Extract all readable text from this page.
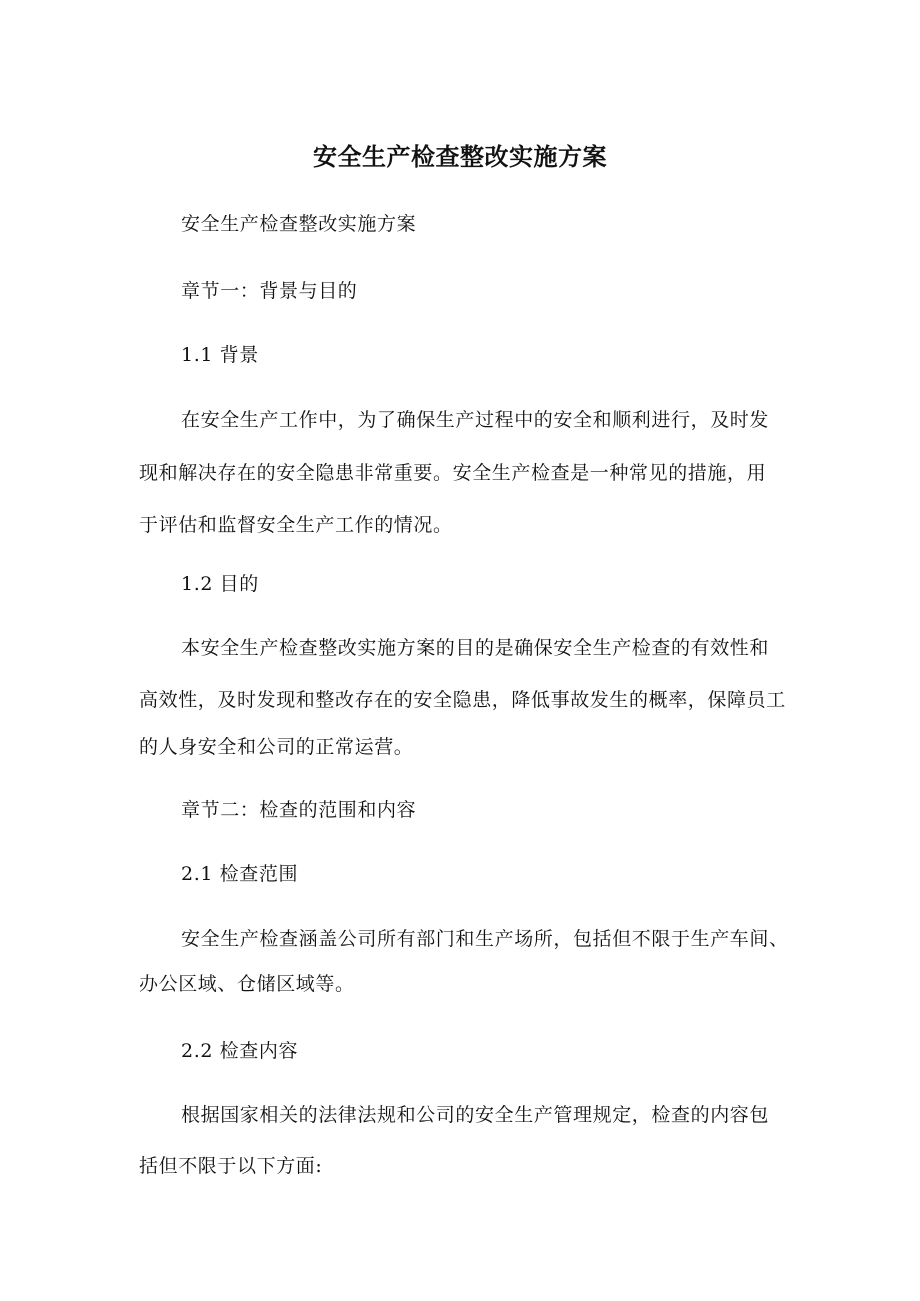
安全生产检查整改实施方案
安全生产检查整改实施方案
章节一：背景与目的
1.1 背景
在安全生产工作中，为了确保生产过程中的安全和顺利进行，及时发
现和解决存在的安全隐患非常重要。安全生产检查是一种常见的措施，用
于评估和监督安全生产工作的情况。
1.2 目的
本安全生产检查整改实施方案的目的是确保安全生产检查的有效性和
高效性，及时发现和整改存在的安全隐患，降低事故发生的概率，保障员工
的人身安全和公司的正常运营。
章节二：检查的范围和内容
2.1 检查范围
安全生产检查涵盖公司所有部门和生产场所，包括但不限于生产车间、
办公区域、仓储区域等。
2.2 检查内容
根据国家相关的法律法规和公司的安全生产管理规定，检查的内容包
括但不限于以下方面:
